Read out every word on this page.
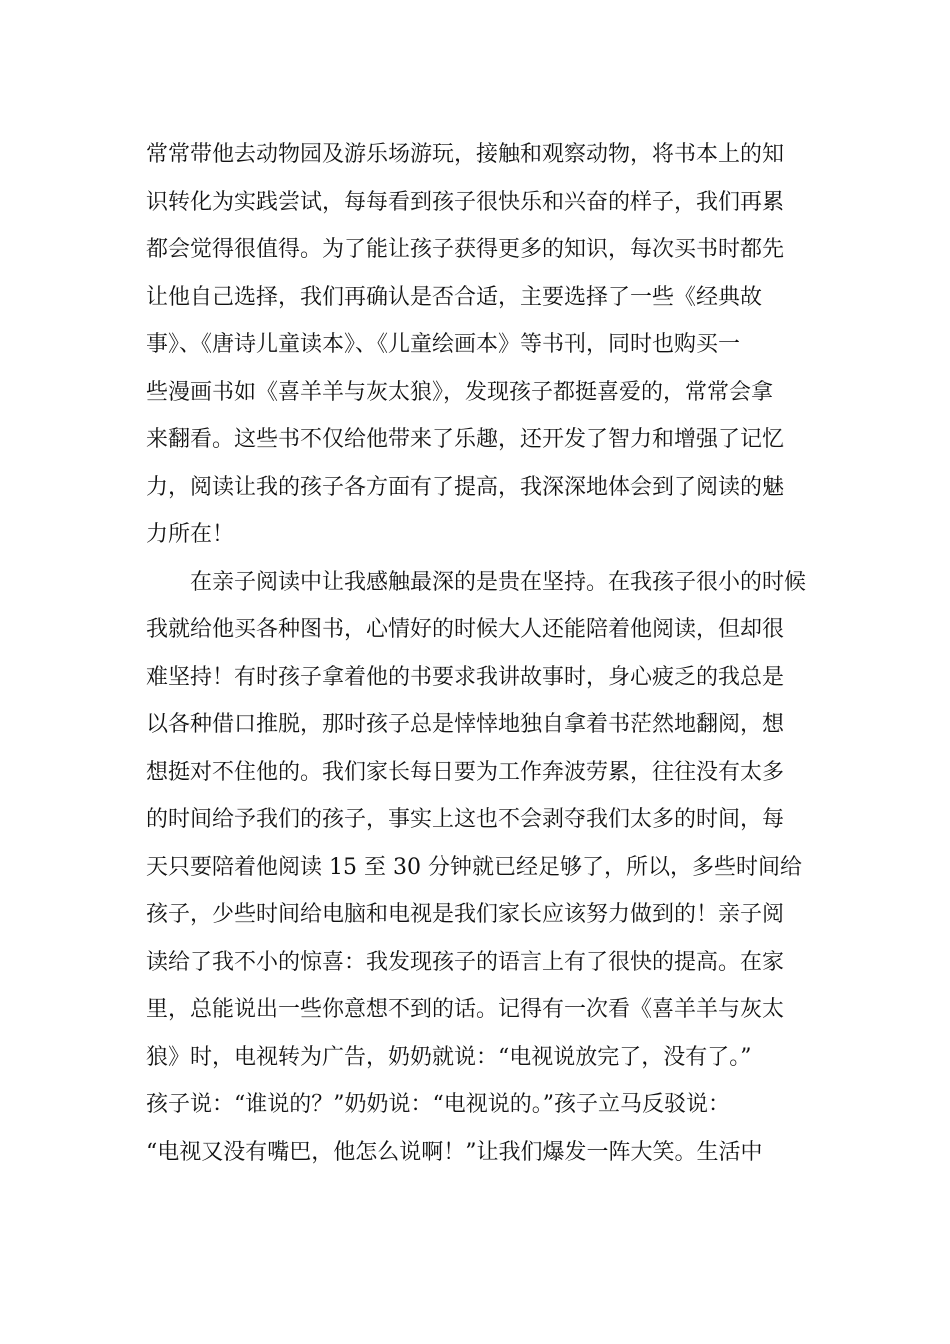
常常带他去动物园及游乐场游玩，接触和观察动物，将书本上的知
识转化为实践尝试，每每看到孩子很快乐和兴奋的样子，我们再累
都会觉得很值得。为了能让孩子获得更多的知识，每次买书时都先
让他自己选择，我们再确认是否合适，主要选择了一些《经典故
事》、《唐诗儿童读本》、《儿童绘画本》等书刊，同时也购买一
些漫画书如《喜羊羊与灰太狼》，发现孩子都挺喜爱的，常常会拿
来翻看。这些书不仅给他带来了乐趣，还开发了智力和增强了记忆
力，阅读让我的孩子各方面有了提高，我深深地体会到了阅读的魅
力所在！
　　在亲子阅读中让我感触最深的是贵在坚持。在我孩子很小的时候
我就给他买各种图书，心情好的时候大人还能陪着他阅读，但却很
难坚持！有时孩子拿着他的书要求我讲故事时，身心疲乏的我总是
以各种借口推脱，那时孩子总是悻悻地独自拿着书茫然地翻阅，想
想挺对不住他的。我们家长每日要为工作奔波劳累，往往没有太多
的时间给予我们的孩子，事实上这也不会剥夺我们太多的时间，每
天只要陪着他阅读 15 至 30 分钟就已经足够了，所以，多些时间给
孩子，少些时间给电脑和电视是我们家长应该努力做到的！亲子阅
读给了我不小的惊喜：我发现孩子的语言上有了很快的提高。在家
里，总能说出一些你意想不到的话。记得有一次看《喜羊羊与灰太
狼》时，电视转为广告，奶奶就说：“电视说放完了，没有了。”
孩子说：“谁说的？”奶奶说：“电视说的。”孩子立马反驳说：
“电视又没有嘴巴，他怎么说啊！”让我们爆发一阵大笑。生活中
